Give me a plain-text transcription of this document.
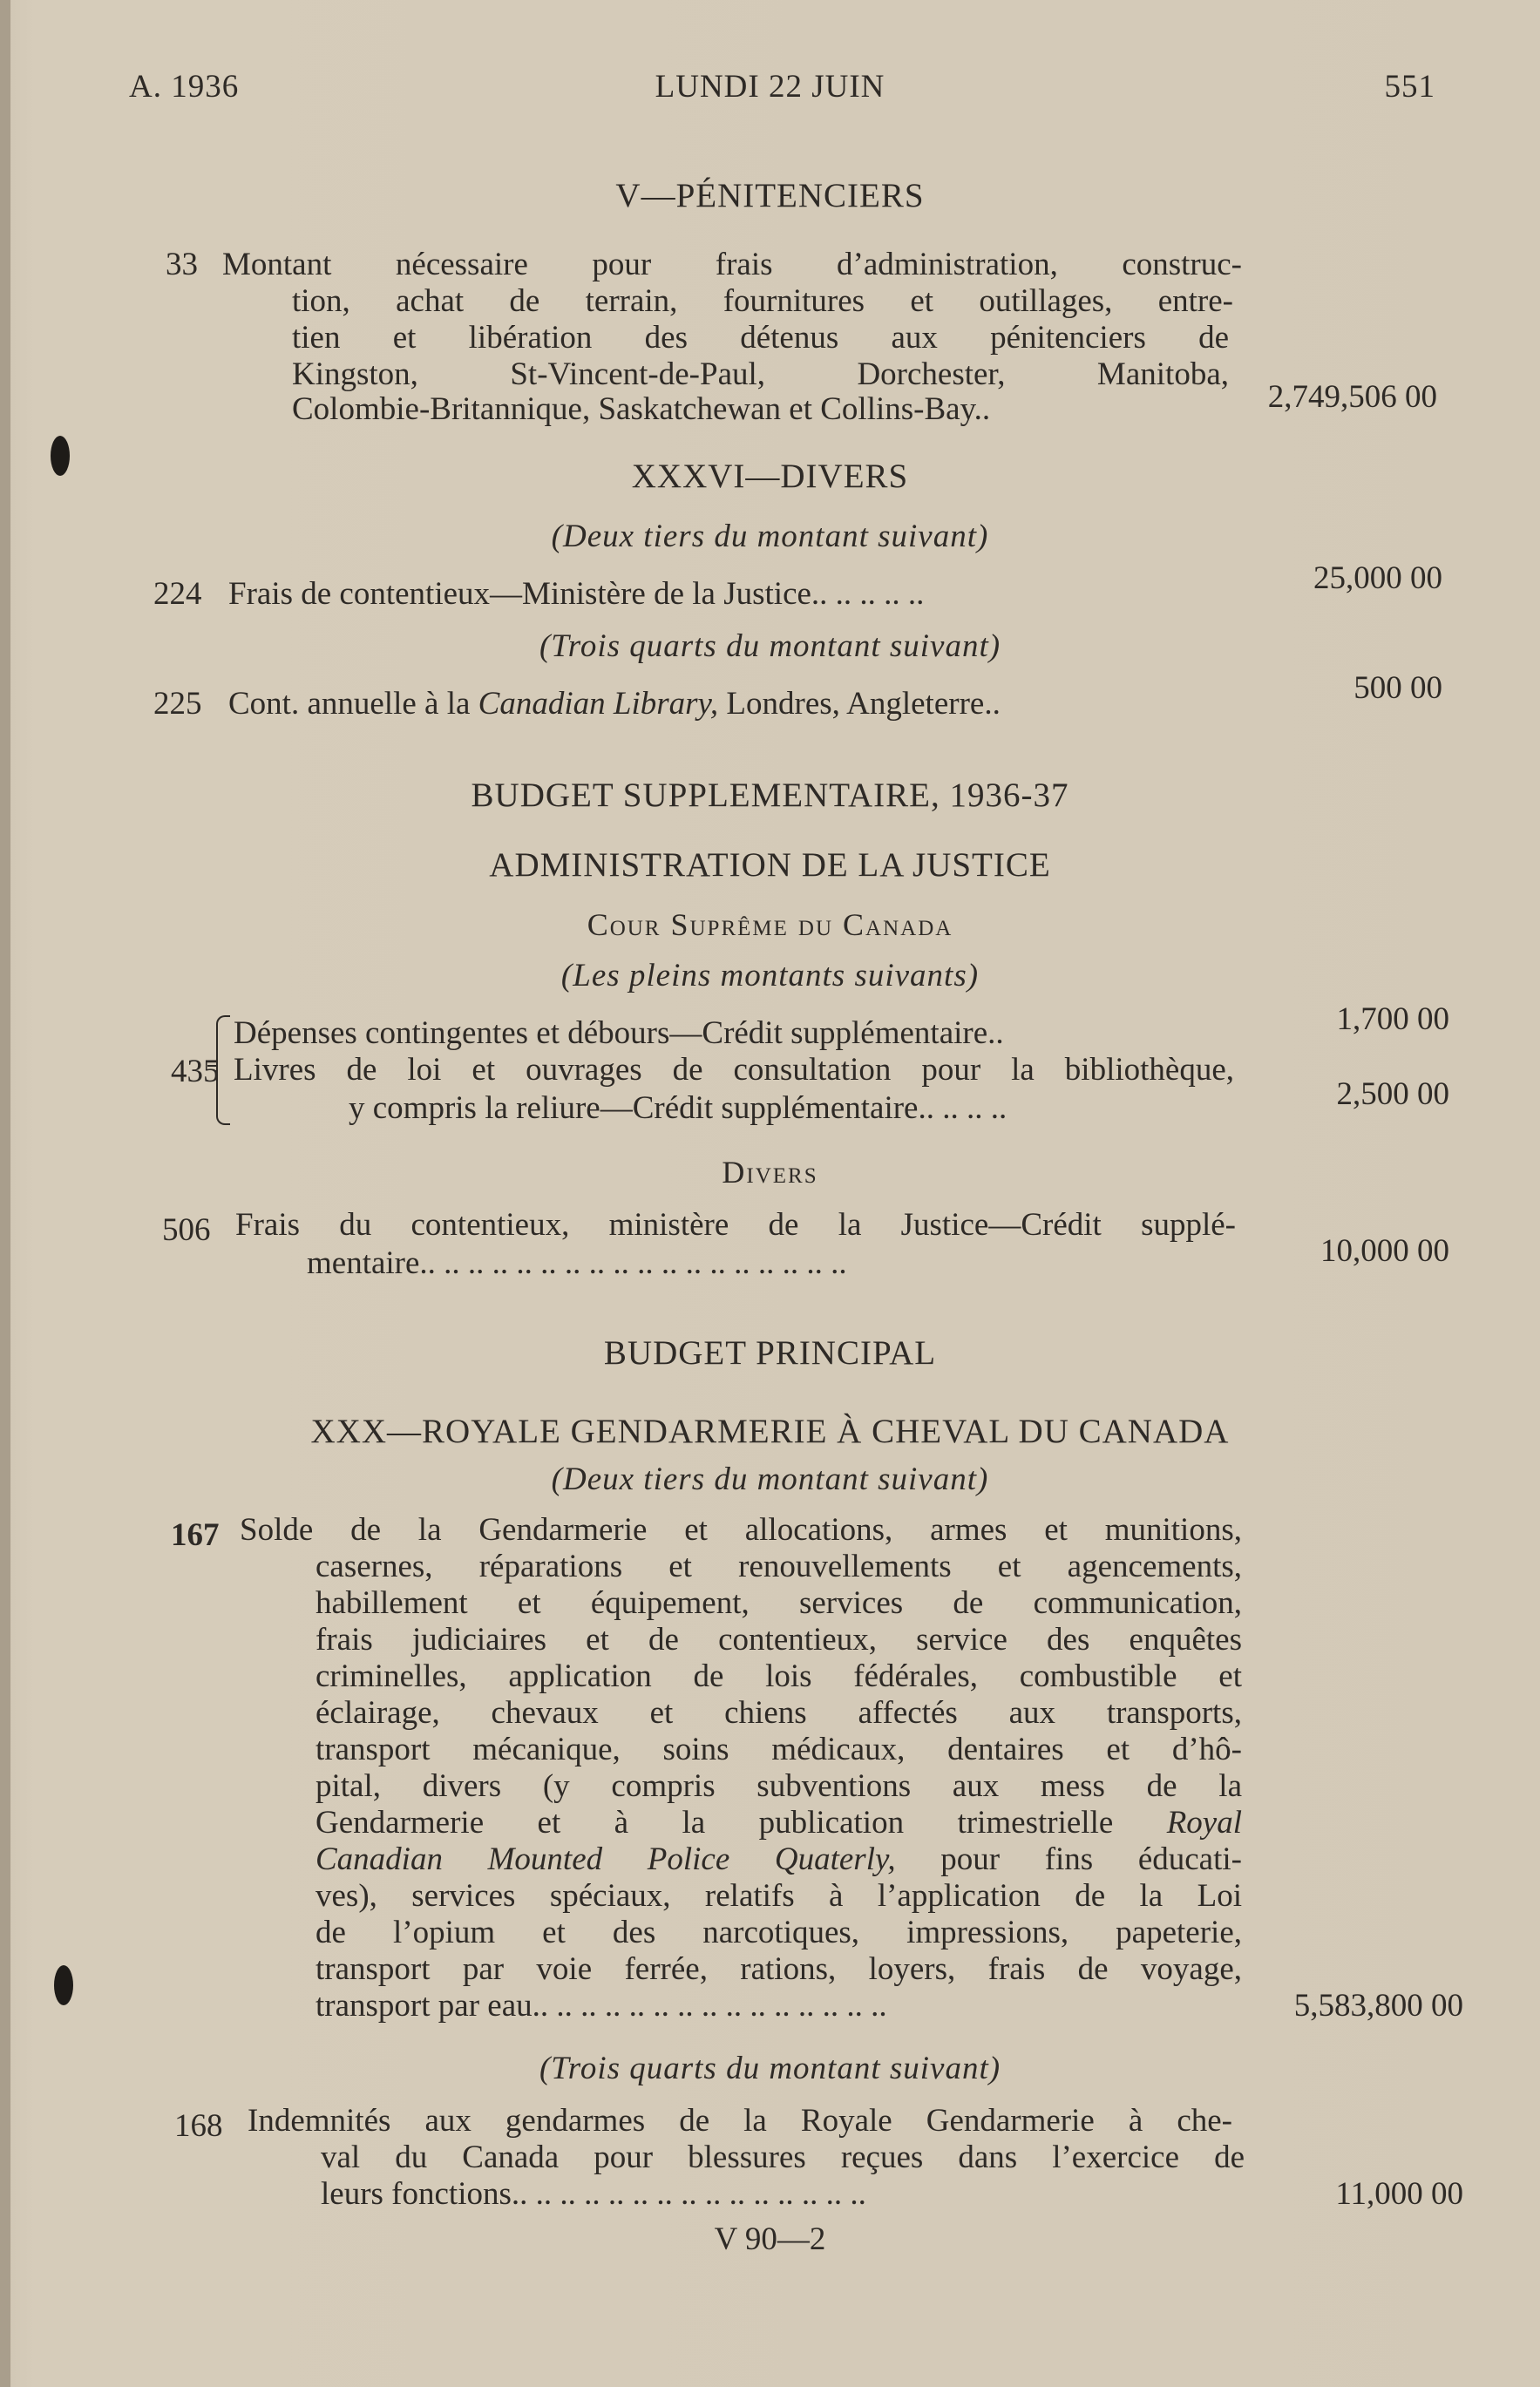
A. 1936	LUNDI 22 JUIN	551
V—PÉNITENCIERS
33 Montant nécessaire pour frais d’administration, construc-
tion, achat de terrain, fournitures et outillages, entre-
tien et libération des détenus aux pénitenciers de
Kingston, St-Vincent-de-Paul, Dorchester, Manitoba,
Colombie-Britannique, Saskatchewan et Collins-Bay..	2,749,506 00
XXXVI—DIVERS
(Deux tiers du montant suivant)
224 Frais de contentieux—Ministère de la Justice.. .. .. .. ..	25,000 00
(Trois quarts du montant suivant)
225 Cont. annuelle à la Canadian Library, Londres, Angleterre..	500 00
BUDGET SUPPLEMENTAIRE, 1936-37
ADMINISTRATION DE LA JUSTICE
Cour Suprême du Canada
(Les pleins montants suivants)
435
Dépenses contingentes et débours—Crédit supplémentaire..	1,700 00
Livres de loi et ouvrages de consultation pour la bibliothèque,
y compris la reliure—Crédit supplémentaire.. .. .. ..	2,500 00
Divers
506 Frais du contentieux, ministère de la Justice—Crédit supplé-
mentaire.. .. .. .. .. .. .. .. .. .. .. .. .. .. .. .. .. ..	10,000 00
BUDGET PRINCIPAL
XXX—ROYALE GENDARMERIE À CHEVAL DU CANADA
(Deux tiers du montant suivant)
167 Solde de la Gendarmerie et allocations, armes et munitions,
casernes, réparations et renouvellements et agencements,
habillement et équipement, services de communication,
frais judiciaires et de contentieux, service des enquêtes
criminelles, application de lois fédérales, combustible et
éclairage, chevaux et chiens affectés aux transports,
transport mécanique, soins médicaux, dentaires et d’hô-
pital, divers (y compris subventions aux mess de la
Gendarmerie et à la publication trimestrielle Royal
Canadian Mounted Police Quaterly, pour fins éducati-
ves), services spéciaux, relatifs à l’application de la Loi
de l’opium et des narcotiques, impressions, papeterie,
transport par voie ferrée, rations, loyers, frais de voyage,
transport par eau.. .. .. .. .. .. .. .. .. .. .. .. .. .. ..	5,583,800 00
(Trois quarts du montant suivant)
168 Indemnités aux gendarmes de la Royale Gendarmerie à che-
val du Canada pour blessures reçues dans l’exercice de
leurs fonctions.. .. .. .. .. .. .. .. .. .. .. .. .. .. ..	11,000 00
V 90—2
